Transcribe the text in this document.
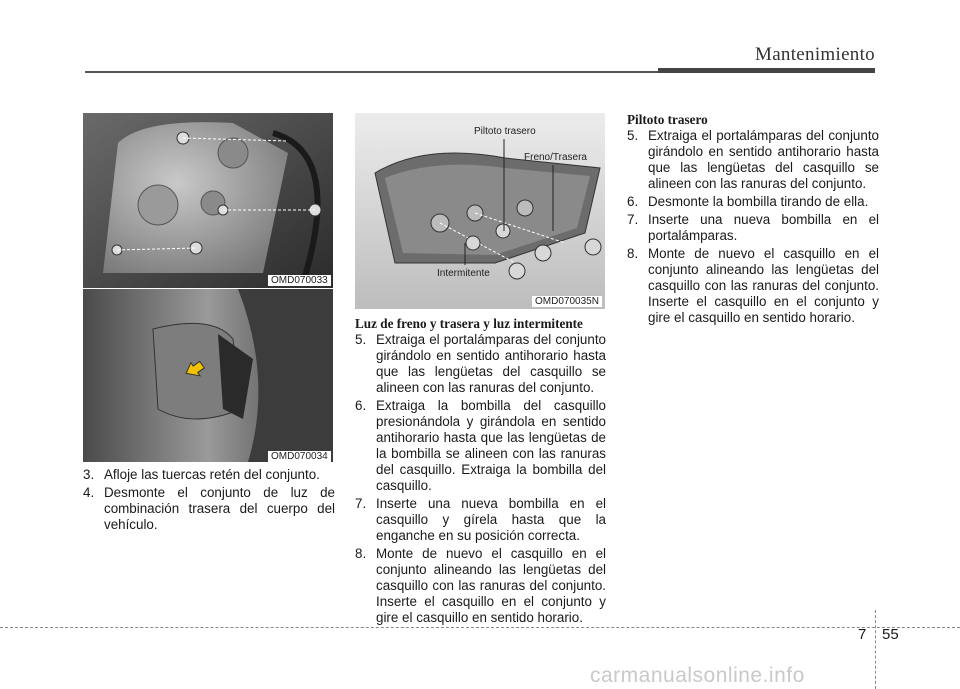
Mantenimiento
OMD070033
OMD070034
Piltoto trasero
Freno/Trasera
Intermitente
OMD070035N
3. Afloje las tuercas retén del conjunto.
4. Desmonte el conjunto de luz de combinación trasera del cuerpo del vehículo.

Luz de freno y trasera y luz intermitente

5. Extraiga el portalámparas del conjunto girándolo en sentido antihorario hasta que las lengüetas del casquillo se alineen con las ranuras del conjunto.
6. Extraiga la bombilla del casquillo presionándola y girándola en sentido antihorario hasta que las lengüetas de la bombilla se alineen con las ranuras del casquillo. Extraiga la bombilla del casquillo.
7. Inserte una nueva bombilla en el casquillo y gírela hasta que la enganche en su posición correcta.
8. Monte de nuevo el casquillo en el conjunto alineando las lengüetas del casquillo con las ranuras del conjunto. Inserte el casquillo en el conjunto y gire el casquillo en sentido horario.

Piltoto trasero

5. Extraiga el portalámparas del conjunto girándolo en sentido antihorario hasta que las lengüetas del casquillo se alineen con las ranuras del conjunto.
6. Desmonte la bombilla tirando de ella.
7. Inserte una nueva bombilla en el portalámparas.
8. Monte de nuevo el casquillo en el conjunto alineando las lengüetas del casquillo con las ranuras del conjunto. Inserte el casquillo en el conjunto y gire el casquillo en sentido horario.
7 55
carmanualsonline.info
